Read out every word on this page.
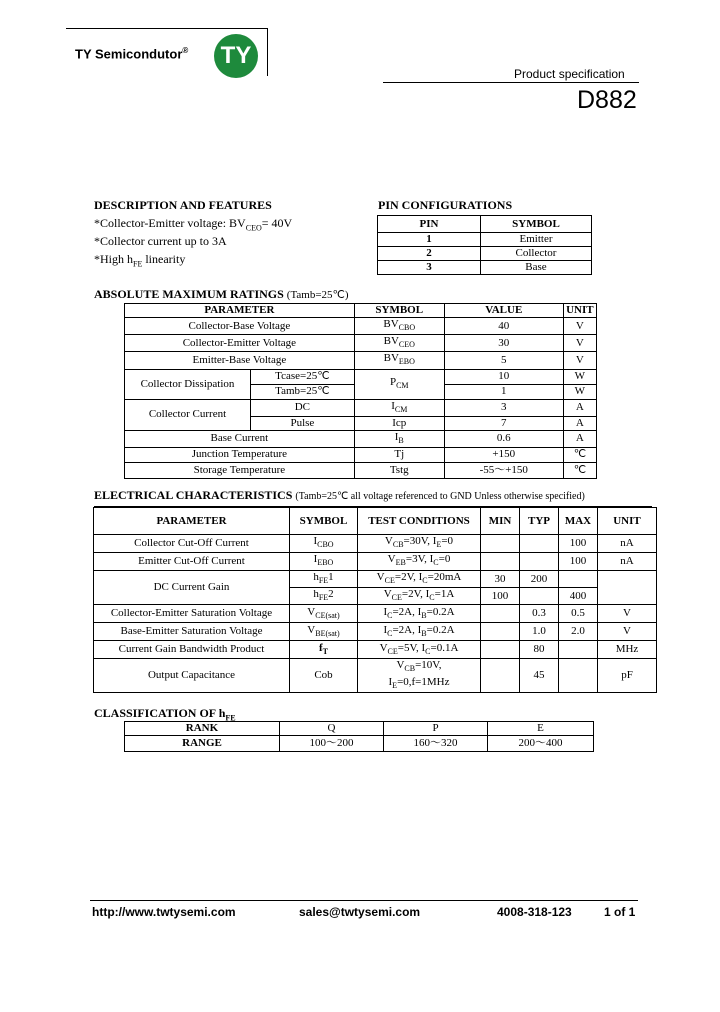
TY Semicondutor® TY
Product specification
D882
DESCRIPTION AND FEATURES
*Collector-Emitter voltage: $BV_{CEO}= 40V$
*Collector current up to 3A
*High $h_{FE}$ linearity
PIN CONFIGURATIONS
PIN	SYMBOL
1	Emitter
2	Collector
3	Base
ABSOLUTE MAXIMUM RATINGS (Tamb=25℃)
PARAMETER		SYMBOL	VALUE	UNIT
Collector-Base Voltage		$BV_{CBO}$	40	V
Collector-Emitter Voltage		$BV_{CEO}$	30	V
Emitter-Base Voltage		$BV_{EBO}$	5	V
Collector Dissipation	Tcase=25℃	$P_{CM}$	10	W
	Tamb=25℃		1	W
Collector Current	DC	$I_{CM}$	3	A
	Pulse	Icp	7	A
Base Current		$I_B$	0.6	A
Junction Temperature		Tj	+150	℃
Storage Temperature		Tstg	-55～+150	℃
ELECTRICAL CHARACTERISTICS (Tamb=25℃ all voltage referenced to GND Unless otherwise specified)
PARAMETER	SYMBOL	TEST CONDITIONS	MIN	TYP	MAX	UNIT
Collector Cut-Off Current	$I_{CBO}$	$V_{CB}=30V$, $I_E=0$			100	nA
Emitter Cut-Off Current	$I_{EBO}$	$V_{EB}=3V$, $I_C=0$			100	nA
DC Current Gain	$h_{FE}1$	$V_{CE}=2V$, $I_C=20mA$	30	200		
	$h_{FE}2$	$V_{CE}=2V$, $I_C=1A$	100		400	
Collector-Emitter Saturation Voltage	$V_{CE(sat)}$	$I_C=2A$, $I_B=0.2A$		0.3	0.5	V
Base-Emitter Saturation Voltage	$V_{BE(sat)}$	$I_C=2A$, $I_B=0.2A$		1.0	2.0	V
Current Gain Bandwidth Product	$f_T$	$V_{CE}=5V$, $I_C=0.1A$		80		MHz
Output Capacitance	Cob	$V_{CB}=10V$,
$I_E=0,f=1MHz$		45		pF
CLASSIFICATION OF $h_{FE}$
RANK	Q	P	E
RANGE	100～200	160～320	200～400
http://www.twtysemi.com	sales@twtysemi.com	4008-318-123	1 of 1
